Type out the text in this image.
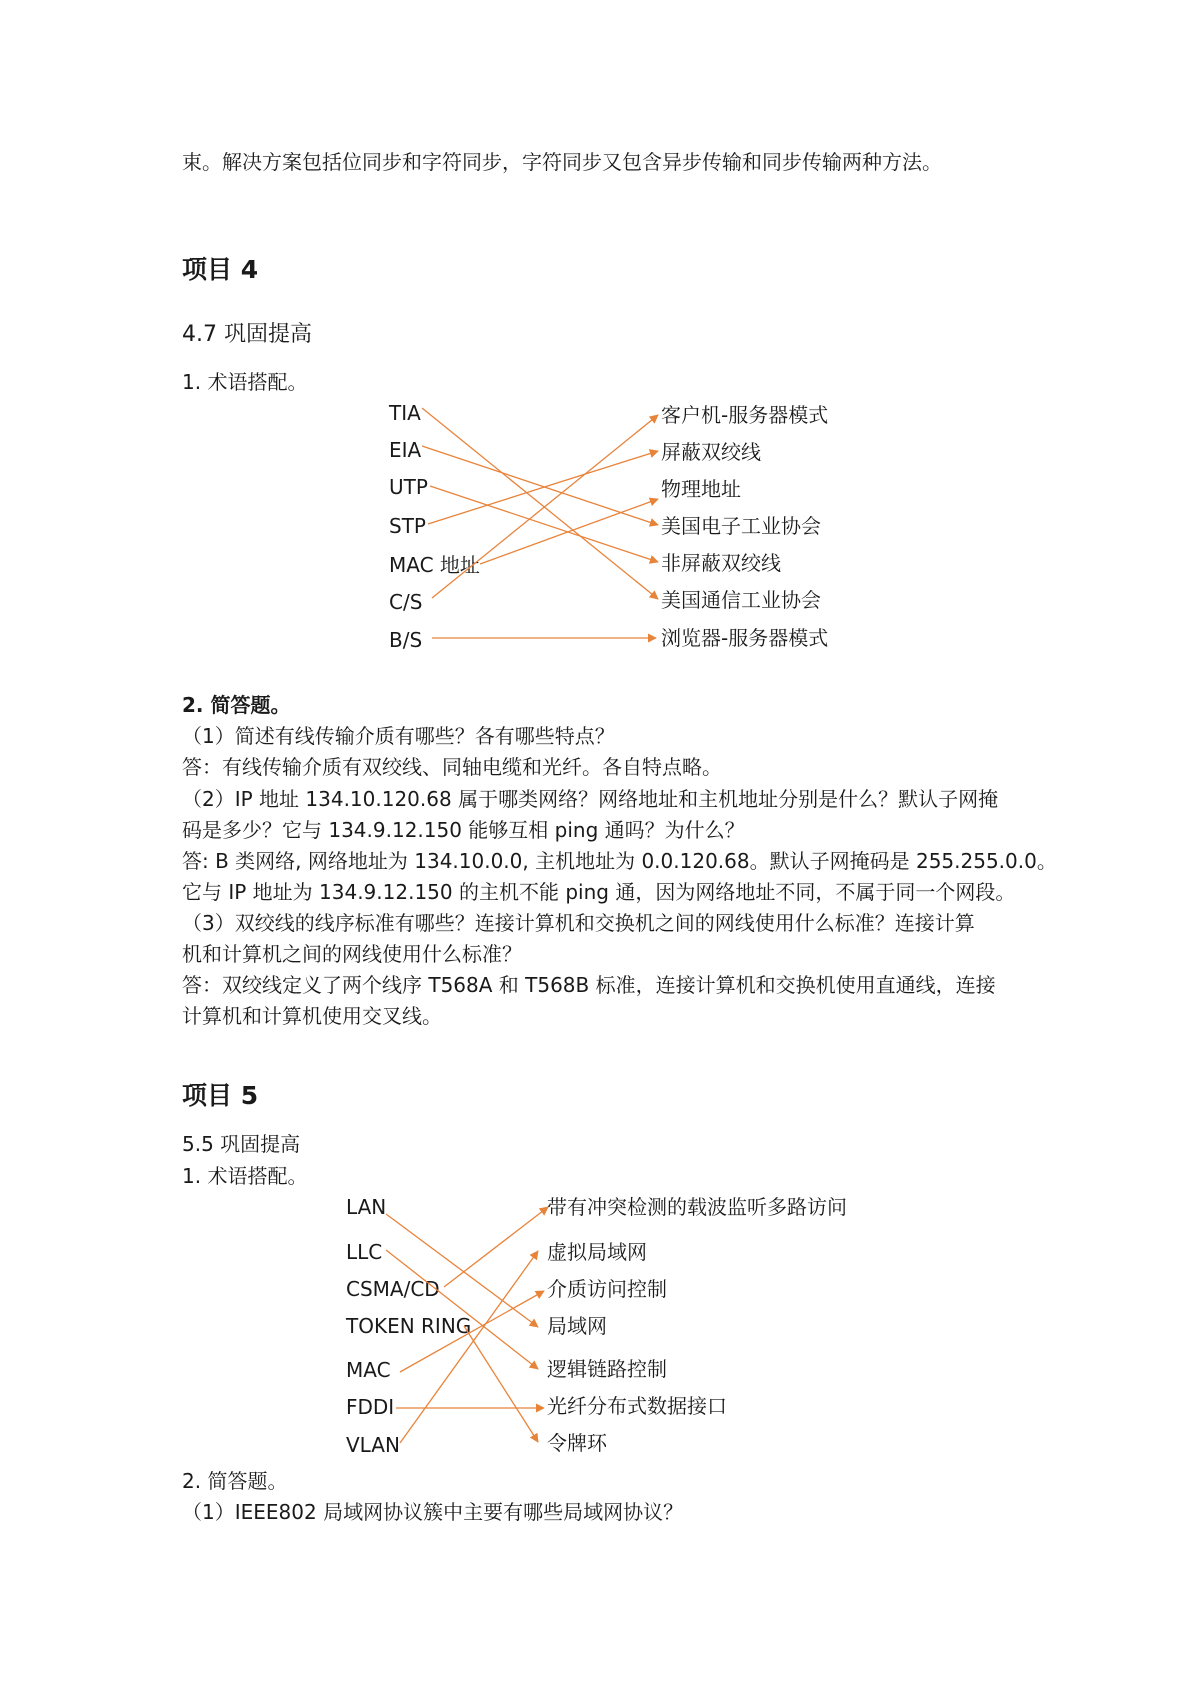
束。解决方案包括位同步和字符同步，字符同步又包含异步传输和同步传输两种方法。
项目 4
4.7 巩固提高
1. 术语搭配。
TIA
EIA
UTP
STP
MAC 地址
C/S
B/S
客户机-服务器模式
屏蔽双绞线
物理地址
美国电子工业协会
非屏蔽双绞线
美国通信工业协会
浏览器-服务器模式
2. 简答题。
（1）简述有线传输介质有哪些？各有哪些特点？
答：有线传输介质有双绞线、同轴电缆和光纤。各自特点略。
（2）IP 地址 134.10.120.68 属于哪类网络？网络地址和主机地址分别是什么？默认子网掩
码是多少？它与 134.9.12.150 能够互相 ping 通吗？为什么？
答: B 类网络, 网络地址为 134.10.0.0, 主机地址为 0.0.120.68。默认子网掩码是 255.255.0.0。
它与 IP 地址为 134.9.12.150 的主机不能 ping 通，因为网络地址不同，不属于同一个网段。
（3）双绞线的线序标准有哪些？连接计算机和交换机之间的网线使用什么标准？连接计算
机和计算机之间的网线使用什么标准？
答：双绞线定义了两个线序 T568A 和 T568B 标准，连接计算机和交换机使用直通线，连接
计算机和计算机使用交叉线。
项目 5
5.5 巩固提高
1. 术语搭配。
LAN
LLC
CSMA/CD
TOKEN RING
MAC
FDDI
VLAN
带有冲突检测的载波监听多路访问
虚拟局域网
介质访问控制
局域网
逻辑链路控制
光纤分布式数据接口
令牌环
2. 简答题。
（1）IEEE802 局域网协议簇中主要有哪些局域网协议？
